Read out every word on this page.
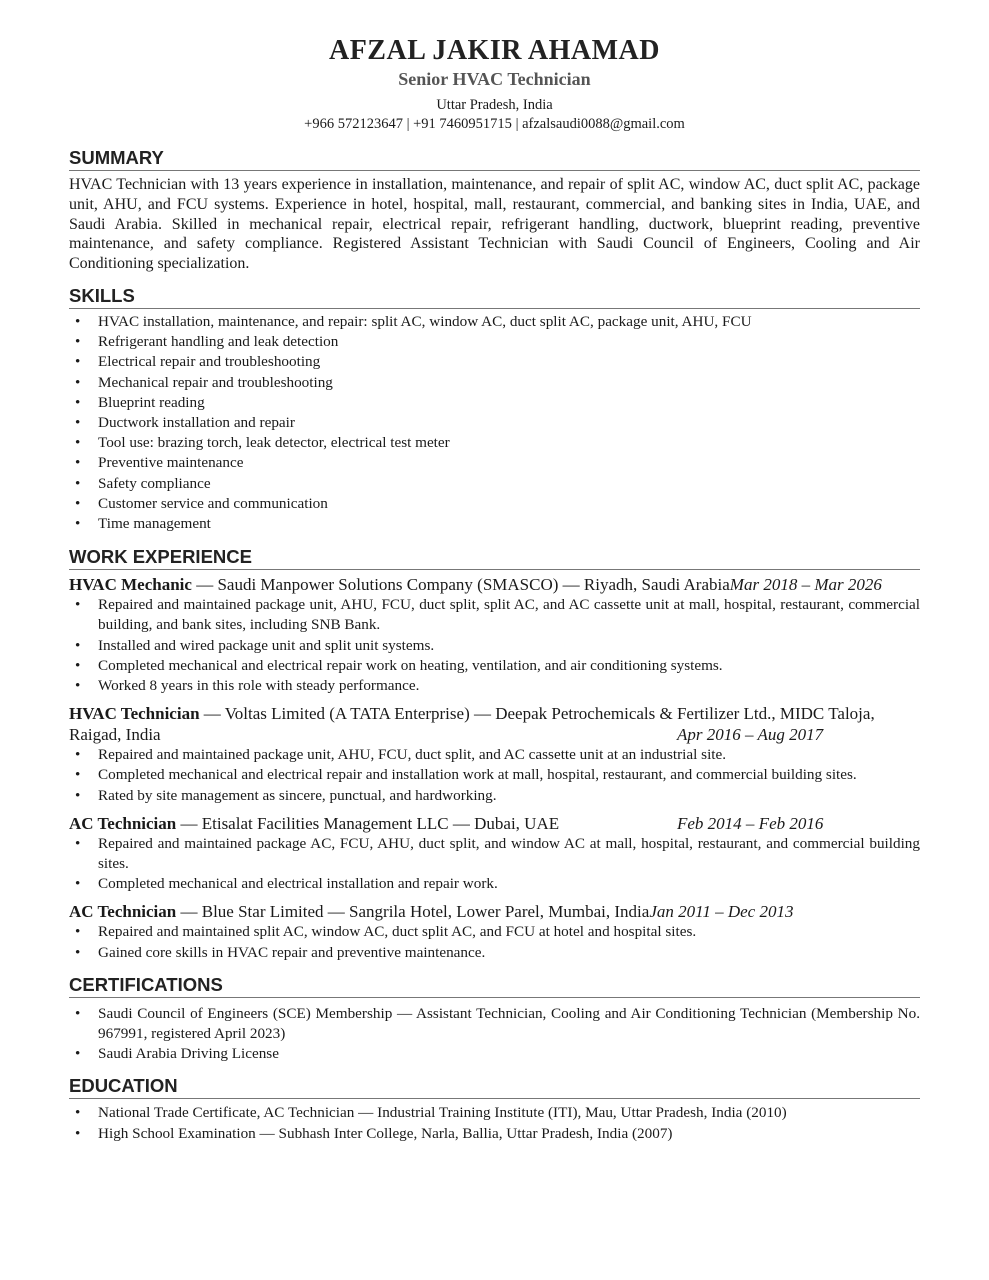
AFZAL JAKIR AHAMAD
Senior HVAC Technician
Uttar Pradesh, India
+966 572123647 | +91 7460951715 | afzalsaudi0088@gmail.com
SUMMARY
HVAC Technician with 13 years experience in installation, maintenance, and repair of split AC, window AC, duct split AC, package unit, AHU, and FCU systems. Experience in hotel, hospital, mall, restaurant, commercial, and banking sites in India, UAE, and Saudi Arabia. Skilled in mechanical repair, electrical repair, refrigerant handling, ductwork, blueprint reading, preventive maintenance, and safety compliance. Registered Assistant Technician with Saudi Council of Engineers, Cooling and Air Conditioning specialization.
SKILLS
• HVAC installation, maintenance, and repair: split AC, window AC, duct split AC, package unit, AHU, FCU
• Refrigerant handling and leak detection
• Electrical repair and troubleshooting
• Mechanical repair and troubleshooting
• Blueprint reading
• Ductwork installation and repair
• Tool use: brazing torch, leak detector, electrical test meter
• Preventive maintenance
• Safety compliance
• Customer service and communication
• Time management
WORK EXPERIENCE
HVAC Mechanic — Saudi Manpower Solutions Company (SMASCO) — Riyadh, Saudi ArabiaMar 2018 – Mar 2026
• Repaired and maintained package unit, AHU, FCU, duct split, split AC, and AC cassette unit at mall, hospital, restaurant, commercial building, and bank sites, including SNB Bank.
• Installed and wired package unit and split unit systems.
• Completed mechanical and electrical repair work on heating, ventilation, and air conditioning systems.
• Worked 8 years in this role with steady performance.
HVAC Technician — Voltas Limited (A TATA Enterprise) — Deepak Petrochemicals & Fertilizer Ltd., MIDC Taloja, Raigad, India	Apr 2016 – Aug 2017
• Repaired and maintained package unit, AHU, FCU, duct split, and AC cassette unit at an industrial site.
• Completed mechanical and electrical repair and installation work at mall, hospital, restaurant, and commercial building sites.
• Rated by site management as sincere, punctual, and hardworking.
AC Technician — Etisalat Facilities Management LLC — Dubai, UAE	Feb 2014 – Feb 2016
• Repaired and maintained package AC, FCU, AHU, duct split, and window AC at mall, hospital, restaurant, and commercial building sites.
• Completed mechanical and electrical installation and repair work.
AC Technician — Blue Star Limited — Sangrila Hotel, Lower Parel, Mumbai, IndiaJan 2011 – Dec 2013
• Repaired and maintained split AC, window AC, duct split AC, and FCU at hotel and hospital sites.
• Gained core skills in HVAC repair and preventive maintenance.
CERTIFICATIONS
• Saudi Council of Engineers (SCE) Membership — Assistant Technician, Cooling and Air Conditioning Technician (Membership No. 967991, registered April 2023)
• Saudi Arabia Driving License
EDUCATION
• National Trade Certificate, AC Technician — Industrial Training Institute (ITI), Mau, Uttar Pradesh, India (2010)
• High School Examination — Subhash Inter College, Narla, Ballia, Uttar Pradesh, India (2007)
